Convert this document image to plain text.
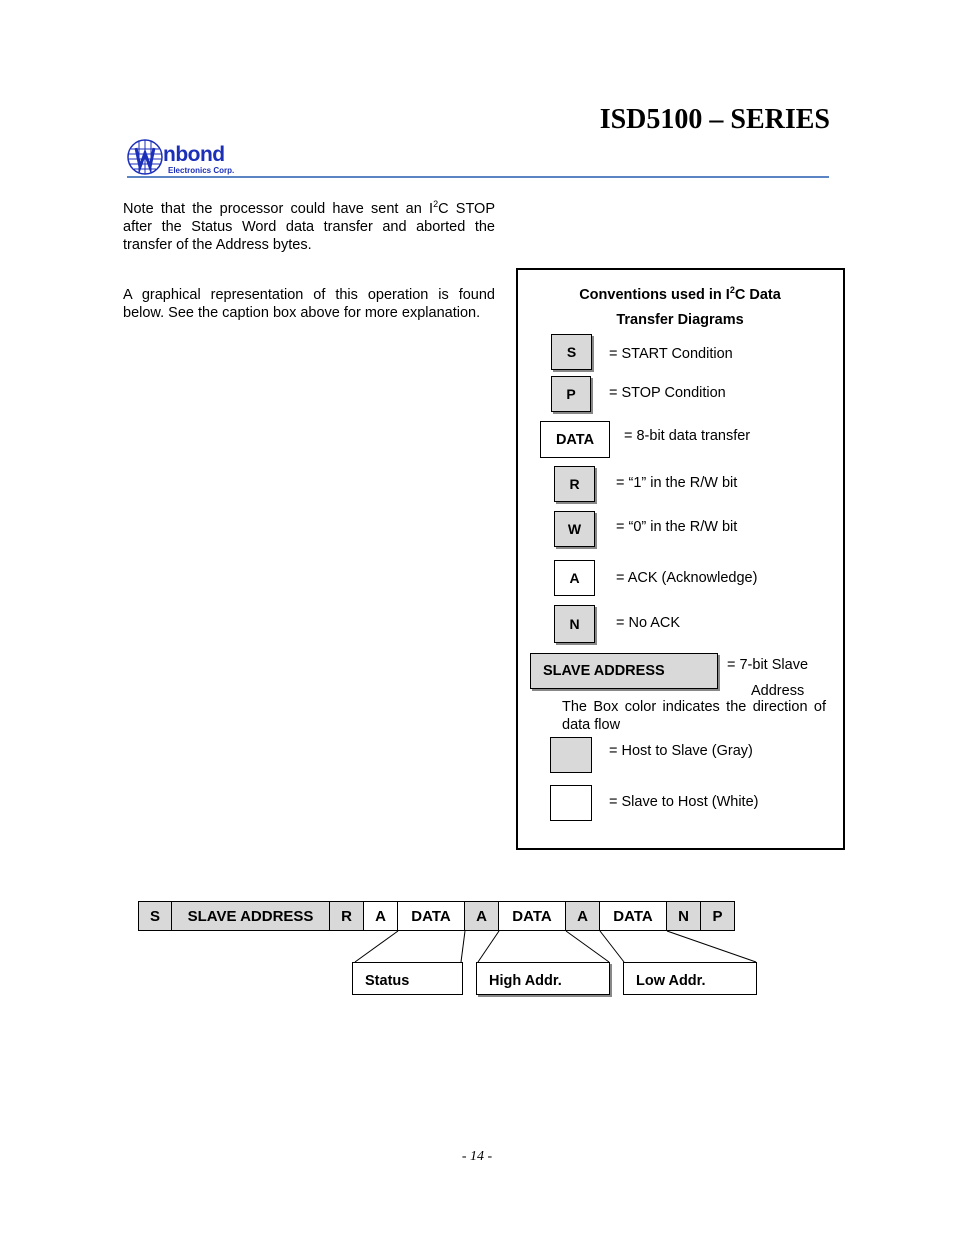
ISD5100 – SERIES
nbond
Electronics Corp.
Note that the processor could have sent an $I^2C$ STOP after the Status Word data transfer and aborted the transfer of the Address bytes.
A graphical representation of this operation is found below. See the caption box above for more explanation.
Conventions used in $I^2C$ Data
Transfer Diagrams
S	= START Condition
P	= STOP Condition
DATA	= 8-bit data transfer
R	= “1” in the R/W bit
W	= “0” in the R/W bit
A	= ACK (Acknowledge)
N	= No ACK
SLAVE ADDRESS	= 7-bit Slave
Address
The Box color indicates the direction of data flow
= Host to Slave (Gray)
= Slave to Host (White)
S	SLAVE ADDRESS	R	A	DATA	A	DATA	A	DATA	N	P
Status	High Addr.	Low Addr.
- 14 -
